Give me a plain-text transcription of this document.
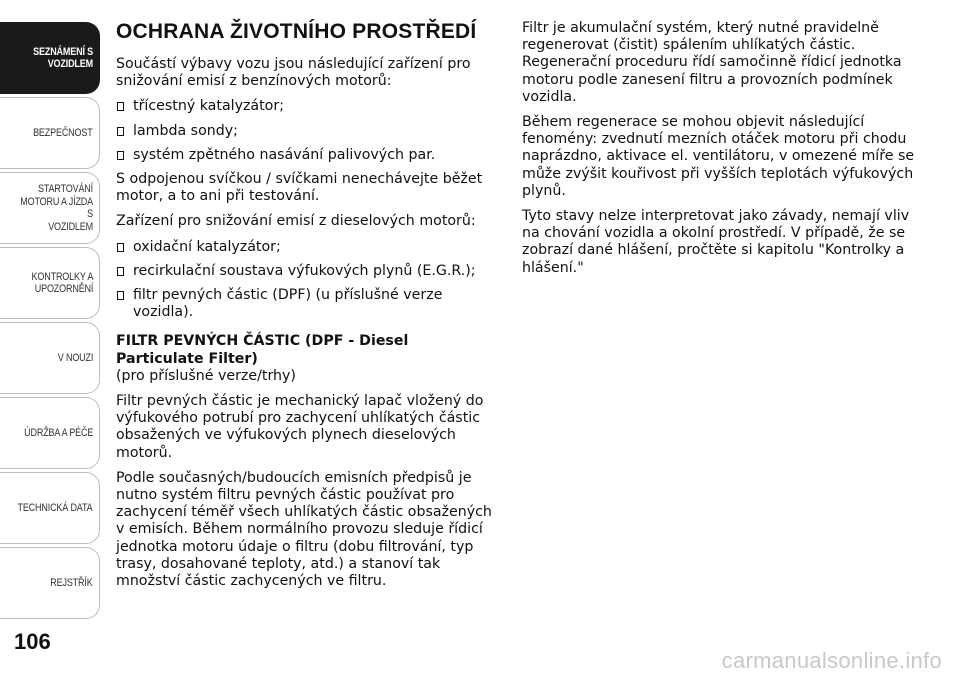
SEZNÁMENÍ S
VOZIDLEM
BEZPEČNOST
STARTOVÁNÍ
MOTORU A JÍZDA S
VOZIDLEM
KONTROLKY A
UPOZORNĚNÍ
V NOUZI
ÚDRŽBA A PÉČE
TECHNICKÁ DATA
REJSTŘÍK
106
OCHRANA ŽIVOTNÍHO PROSTŘEDÍ

Součástí výbavy vozu jsou následující zařízení pro snižování emisí z benzínových motorů:

třícestný katalyzátor;
lambda sondy;
systém zpětného nasávání palivových par.

S odpojenou svíčkou / svíčkami nenechávejte běžet motor, a to ani při testování.

Zařízení pro snižování emisí z dieselových motorů:

oxidační katalyzátor;
recirkulační soustava výfukových plynů (E.G.R.);
filtr pevných částic (DPF) (u příslušné verze vozidla).

FILTR PEVNÝCH ČÁSTIC (DPF - Diesel Particulate Filter)

(pro příslušné verze/trhy)

Filtr pevných částic je mechanický lapač vložený do výfukového potrubí pro zachycení uhlíkatých částic obsažených ve výfukových plynech dieselových motorů.

Podle současných/budoucích emisních předpisů je nutno systém filtru pevných částic používat pro zachycení téměř všech uhlíkatých částic obsažených v emisích. Během normálního provozu sleduje řídicí jednotka motoru údaje o filtru (dobu filtrování, typ trasy, dosahované teploty, atd.) a stanoví tak množství částic zachycených ve filtru.

Filtr je akumulační systém, který nutné pravidelně regenerovat (čistit) spálením uhlíkatých částic. Regenerační proceduru řídí samočinně řídicí jednotka motoru podle zanesení filtru a provozních podmínek vozidla.

Během regenerace se mohou objevit následující fenomény: zvednutí mezních otáček motoru při chodu naprázdno, aktivace el. ventilátoru, v omezené míře se může zvýšit kouřivost při vyšších teplotách výfukových plynů.

Tyto stavy nelze interpretovat jako závady, nemají vliv na chování vozidla a okolní prostředí. V případě, že se zobrazí dané hlášení, pročtěte si kapitolu "Kontrolky a hlášení."

carmanualsonline.info
